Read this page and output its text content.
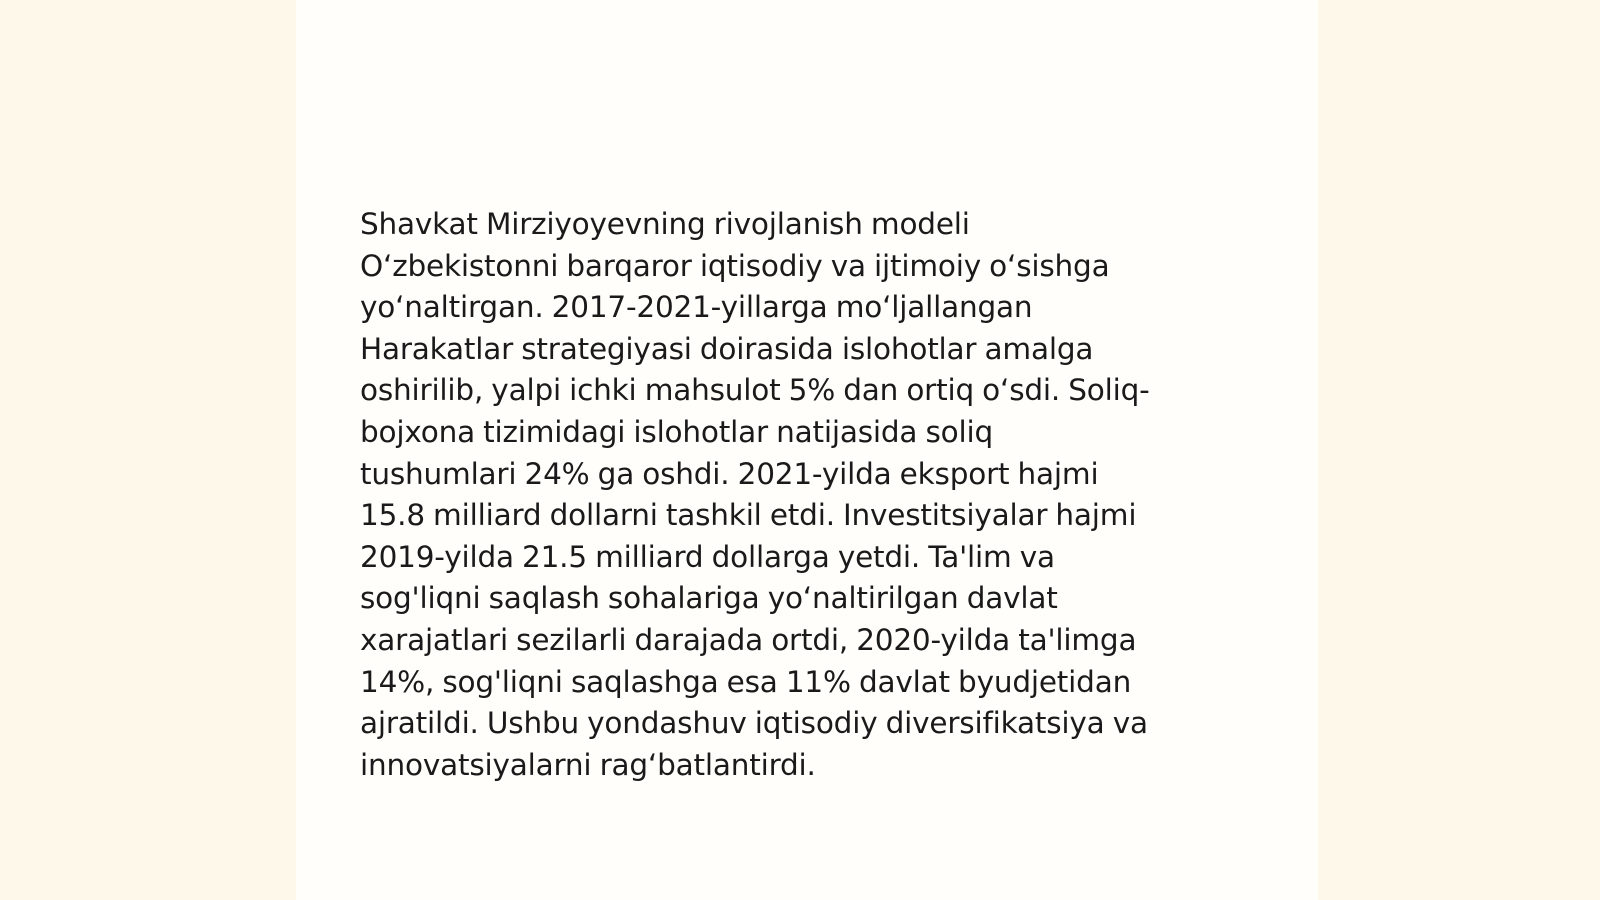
Shavkat Mirziyoyevning rivojlanish modeli
O‘zbekistonni barqaror iqtisodiy va ijtimoiy o‘sishga
yo‘naltirgan. 2017-2021-yillarga mo‘ljallangan
Harakatlar strategiyasi doirasida islohotlar amalga
oshirilib, yalpi ichki mahsulot 5% dan ortiq o‘sdi. Soliq-
bojxona tizimidagi islohotlar natijasida soliq
tushumlari 24% ga oshdi. 2021-yilda eksport hajmi
15.8 milliard dollarni tashkil etdi. Investitsiyalar hajmi
2019-yilda 21.5 milliard dollarga yetdi. Ta'lim va
sog'liqni saqlash sohalariga yo‘naltirilgan davlat
xarajatlari sezilarli darajada ortdi, 2020-yilda ta'limga
14%, sog'liqni saqlashga esa 11% davlat byudjetidan
ajratildi. Ushbu yondashuv iqtisodiy diversifikatsiya va
innovatsiyalarni rag‘batlantirdi.
